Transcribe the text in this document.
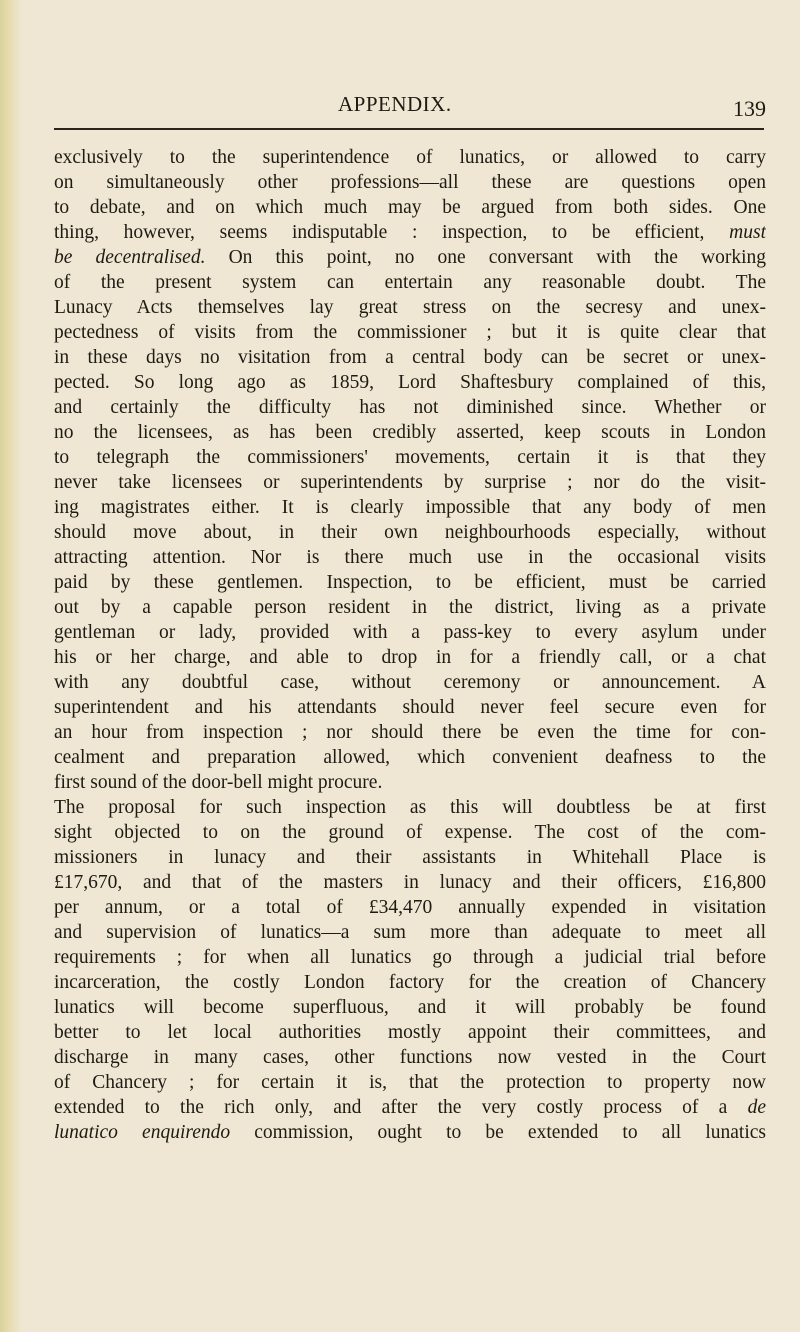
APPENDIX.	139
exclusively to the superintendence of lunatics, or allowed to carry
on simultaneously other professions—all these are questions open
to debate, and on which much may be argued from both sides. One
thing, however, seems indisputable : inspection, to be efficient, must
be decentralised. On this point, no one conversant with the working
of the present system can entertain any reasonable doubt. The
Lunacy Acts themselves lay great stress on the secresy and unex-
pectedness of visits from the commissioner ; but it is quite clear that
in these days no visitation from a central body can be secret or unex-
pected. So long ago as 1859, Lord Shaftesbury complained of this,
and certainly the difficulty has not diminished since. Whether or
no the licensees, as has been credibly asserted, keep scouts in London
to telegraph the commissioners' movements, certain it is that they
never take licensees or superintendents by surprise ; nor do the visit-
ing magistrates either. It is clearly impossible that any body of men
should move about, in their own neighbourhoods especially, without
attracting attention. Nor is there much use in the occasional visits
paid by these gentlemen. Inspection, to be efficient, must be carried
out by a capable person resident in the district, living as a private
gentleman or lady, provided with a pass-key to every asylum under
his or her charge, and able to drop in for a friendly call, or a chat
with any doubtful case, without ceremony or announcement. A
superintendent and his attendants should never feel secure even for
an hour from inspection ; nor should there be even the time for con-
cealment and preparation allowed, which convenient deafness to the
first sound of the door-bell might procure.
The proposal for such inspection as this will doubtless be at first
sight objected to on the ground of expense. The cost of the com-
missioners in lunacy and their assistants in Whitehall Place is
£17,670, and that of the masters in lunacy and their officers, £16,800
per annum, or a total of £34,470 annually expended in visitation
and supervision of lunatics—a sum more than adequate to meet all
requirements ; for when all lunatics go through a judicial trial before
incarceration, the costly London factory for the creation of Chancery
lunatics will become superfluous, and it will probably be found
better to let local authorities mostly appoint their committees, and
discharge in many cases, other functions now vested in the Court
of Chancery ; for certain it is, that the protection to property now
extended to the rich only, and after the very costly process of a de
lunatico enquirendo commission, ought to be extended to all lunatics
